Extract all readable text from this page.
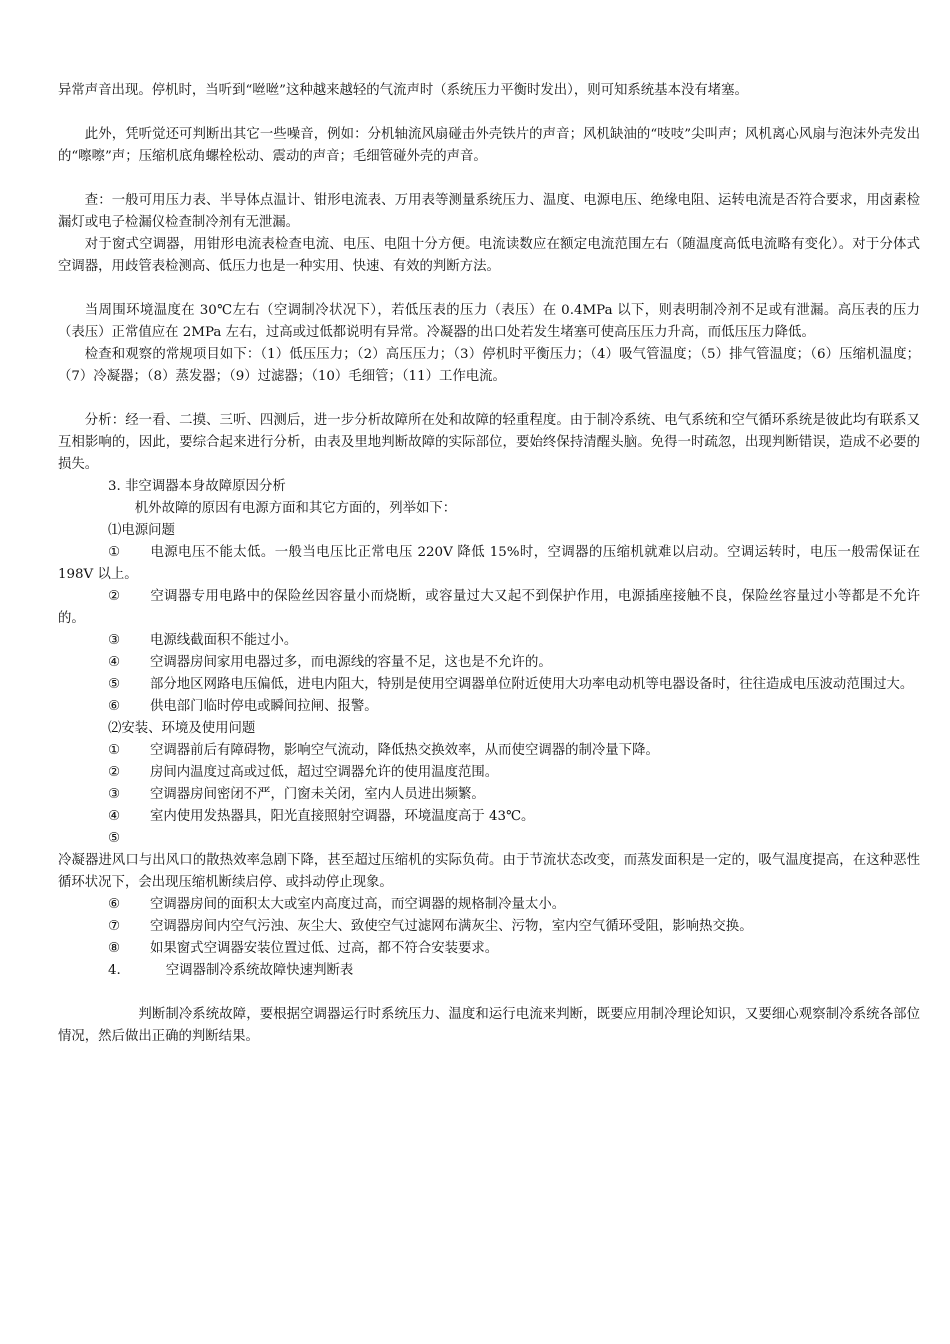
异常声音出现。停机时，当听到“咝咝”这种越来越轻的气流声时（系统压力平衡时发出），则可知系统基本没有堵塞。

此外，凭听觉还可判断出其它一些噪音，例如：分机轴流风扇碰击外壳铁片的声音；风机缺油的“吱吱”尖叫声；风机离心风扇与泡沫外壳发出的“嚓嚓”声；压缩机底角螺栓松动、震动的声音；毛细管碰外壳的声音。

查：一般可用压力表、半导体点温计、钳形电流表、万用表等测量系统压力、温度、电源电压、绝缘电阻、运转电流是否符合要求，用卤素检漏灯或电子检漏仪检查制冷剂有无泄漏。

对于窗式空调器，用钳形电流表检查电流、电压、电阻十分方便。电流读数应在额定电流范围左右（随温度高低电流略有变化）。对于分体式空调器，用歧管表检测高、低压力也是一种实用、快速、有效的判断方法。

当周围环境温度在 30℃左右（空调制冷状况下），若低压表的压力（表压）在 0.4MPa 以下，则表明制冷剂不足或有泄漏。高压表的压力（表压）正常值应在 2MPa 左右，过高或过低都说明有异常。冷凝器的出口处若发生堵塞可使高压压力升高，而低压压力降低。

检查和观察的常规项目如下：（1）低压压力；（2）高压压力；（3）停机时平衡压力；（4）吸气管温度；（5）排气管温度；（6）压缩机温度；（7）冷凝器；（8）蒸发器；（9）过滤器；（10）毛细管；（11）工作电流。

分析：经一看、二摸、三听、四测后，进一步分析故障所在处和故障的轻重程度。由于制冷系统、电气系统和空气循环系统是彼此均有联系又互相影响的，因此，要综合起来进行分析，由表及里地判断故障的实际部位，要始终保持清醒头脑。免得一时疏忽，出现判断错误，造成不必要的损失。

3. 非空调器本身故障原因分析

机外故障的原因有电源方面和其它方面的，列举如下：

⑴电源问题

① 电源电压不能太低。一般当电压比正常电压 220V 降低 15%时，空调器的压缩机就难以启动。空调运转时，电压一般需保证在 198V 以上。
② 空调器专用电路中的保险丝因容量小而烧断，或容量过大又起不到保护作用，电源插座接触不良，保险丝容量过小等都是不允许的。
③ 电源线截面积不能过小。
④ 空调器房间家用电器过多，而电源线的容量不足，这也是不允许的。
⑤ 部分地区网路电压偏低，进电内阻大，特别是使用空调器单位附近使用大功率电动机等电器设备时，往往造成电压波动范围过大。
⑥ 供电部门临时停电或瞬间拉闸、报警。

⑵安装、环境及使用问题

① 空调器前后有障碍物，影响空气流动，降低热交换效率，从而使空调器的制冷量下降。
② 房间内温度过高或过低，超过空调器允许的使用温度范围。
③ 空调器房间密闭不严，门窗未关闭，室内人员进出频繁。
④ 室内使用发热器具，阳光直接照射空调器，环境温度高于 43℃。
⑤

冷凝器进风口与出风口的散热效率急剧下降，甚至超过压缩机的实际负荷。由于节流状态改变，而蒸发面积是一定的，吸气温度提高，在这种恶性循环状况下，会出现压缩机断续启停、或抖动停止现象。

⑥ 空调器房间的面积太大或室内高度过高，而空调器的规格制冷量太小。
⑦ 空调器房间内空气污浊、灰尘大、致使空气过滤网布满灰尘、污物，室内空气循环受阻，影响热交换。
⑧ 如果窗式空调器安装位置过低、过高，都不符合安装要求。
4.	空调器制冷系统故障快速判断表

判断制冷系统故障，要根据空调器运行时系统压力、温度和运行电流来判断，既要应用制冷理论知识，又要细心观察制冷系统各部位情况，然后做出正确的判断结果。
